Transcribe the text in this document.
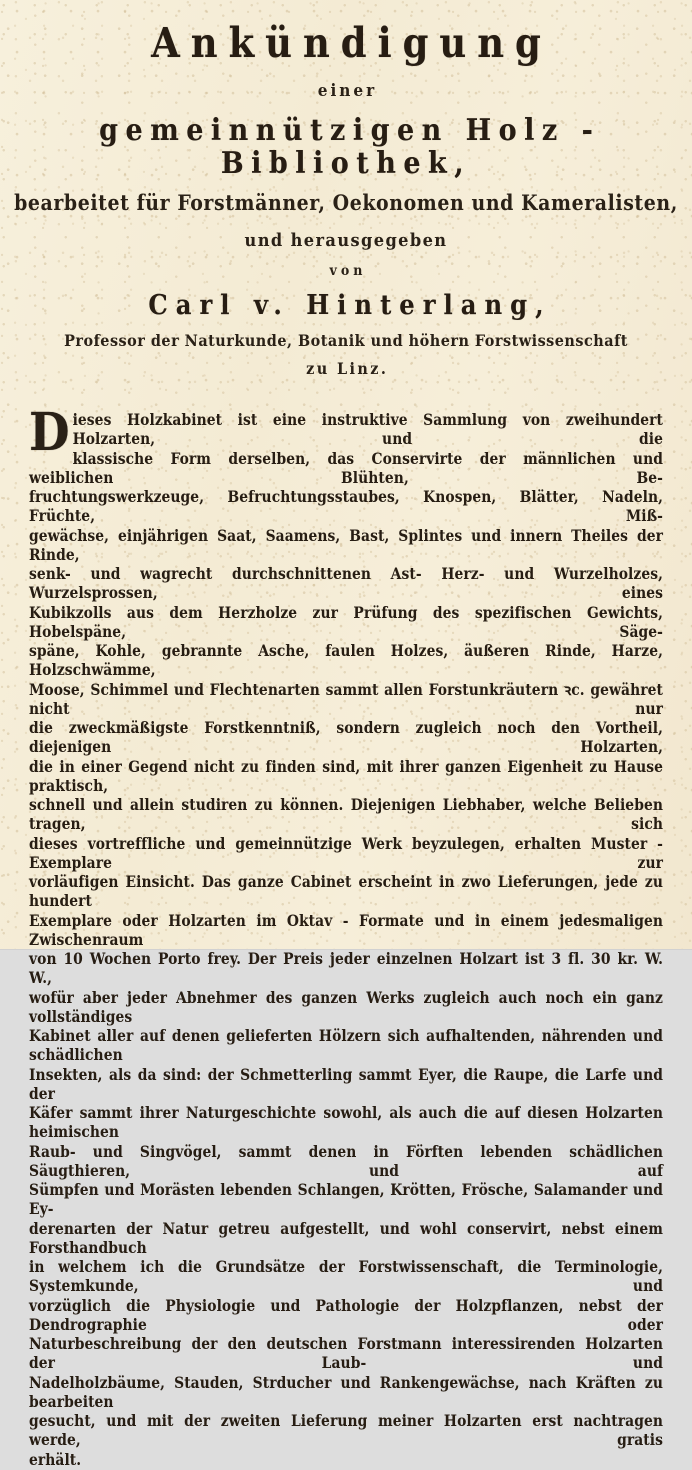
Ankündigung
einer
gemeinnützigen Holz - Bibliothek,
bearbeitet für Forstmänner, Oekonomen und Kameralisten,
und herausgegeben
von
Carl v. Hinterlang,
Professor der Naturkunde, Botanik und höhern Forstwissenschaft
zu Linz.
D ieses Holzkabinet ist eine instruktive Sammlung von zweihundert Holzarten, und die
klassische Form derselben, das Conservirte der männlichen und weiblichen Blühten, Be-
fruchtungswerkzeuge, Befruchtungsstaubes, Knospen, Blätter, Nadeln, Früchte, Miß-
gewächse, einjährigen Saat, Saamens, Bast, Splintes und innern Theiles der Rinde,
senk- und wagrecht durchschnittenen Ast- Herz- und Wurzelholzes, Wurzelsprossen, eines
Kubikzolls aus dem Herzholze zur Prüfung des spezifischen Gewichts, Hobelspäne, Säge-
späne, Kohle, gebrannte Asche, faulen Holzes, äußeren Rinde, Harze, Holzschwämme,
Moose, Schimmel und Flechtenarten sammt allen Forstunkräutern ꝛc. gewähret nicht nur
die zweckmäßigste Forstkenntniß, sondern zugleich noch den Vortheil, diejenigen Holzarten,
die in einer Gegend nicht zu finden sind, mit ihrer ganzen Eigenheit zu Hause praktisch,
schnell und allein studiren zu können. Diejenigen Liebhaber, welche Belieben tragen, sich
dieses vortreffliche und gemeinnützige Werk beyzulegen, erhalten Muster - Exemplare zur
vorläufigen Einsicht. Das ganze Cabinet erscheint in zwo Lieferungen, jede zu hundert
Exemplare oder Holzarten im Oktav - Formate und in einem jedesmaligen Zwischenraum
von 10 Wochen Porto frey. Der Preis jeder einzelnen Holzart ist 3 fl. 30 kr. W. W.,
wofür aber jeder Abnehmer des ganzen Werks zugleich auch noch ein ganz vollständiges
Kabinet aller auf denen gelieferten Hölzern sich aufhaltenden, nährenden und schädlichen
Insekten, als da sind: der Schmetterling sammt Eyer, die Raupe, die Larfe und der
Käfer sammt ihrer Naturgeschichte sowohl, als auch die auf diesen Holzarten heimischen
Raub- und Singvögel, sammt denen in Förften lebenden schädlichen Säugthieren, und auf
Sümpfen und Morästen lebenden Schlangen, Krötten, Frösche, Salamander und Ey-
derenarten der Natur getreu aufgestellt, und wohl conservirt, nebst einem Forsthandbuch
in welchem ich die Grundsätze der Forstwissenschaft, die Terminologie, Systemkunde, und
vorzüglich die Physiologie und Pathologie der Holzpflanzen, nebst der Dendrographie oder
Naturbeschreibung der den deutschen Forstmann interessirenden Holzarten der Laub- und
Nadelholzbäume, Stauden, Strducher und Rankengewächse, nach Kräften zu bearbeiten
gesucht, und mit der zweiten Lieferung meiner Holzarten erst nachtragen werde, gratis
erhält.
